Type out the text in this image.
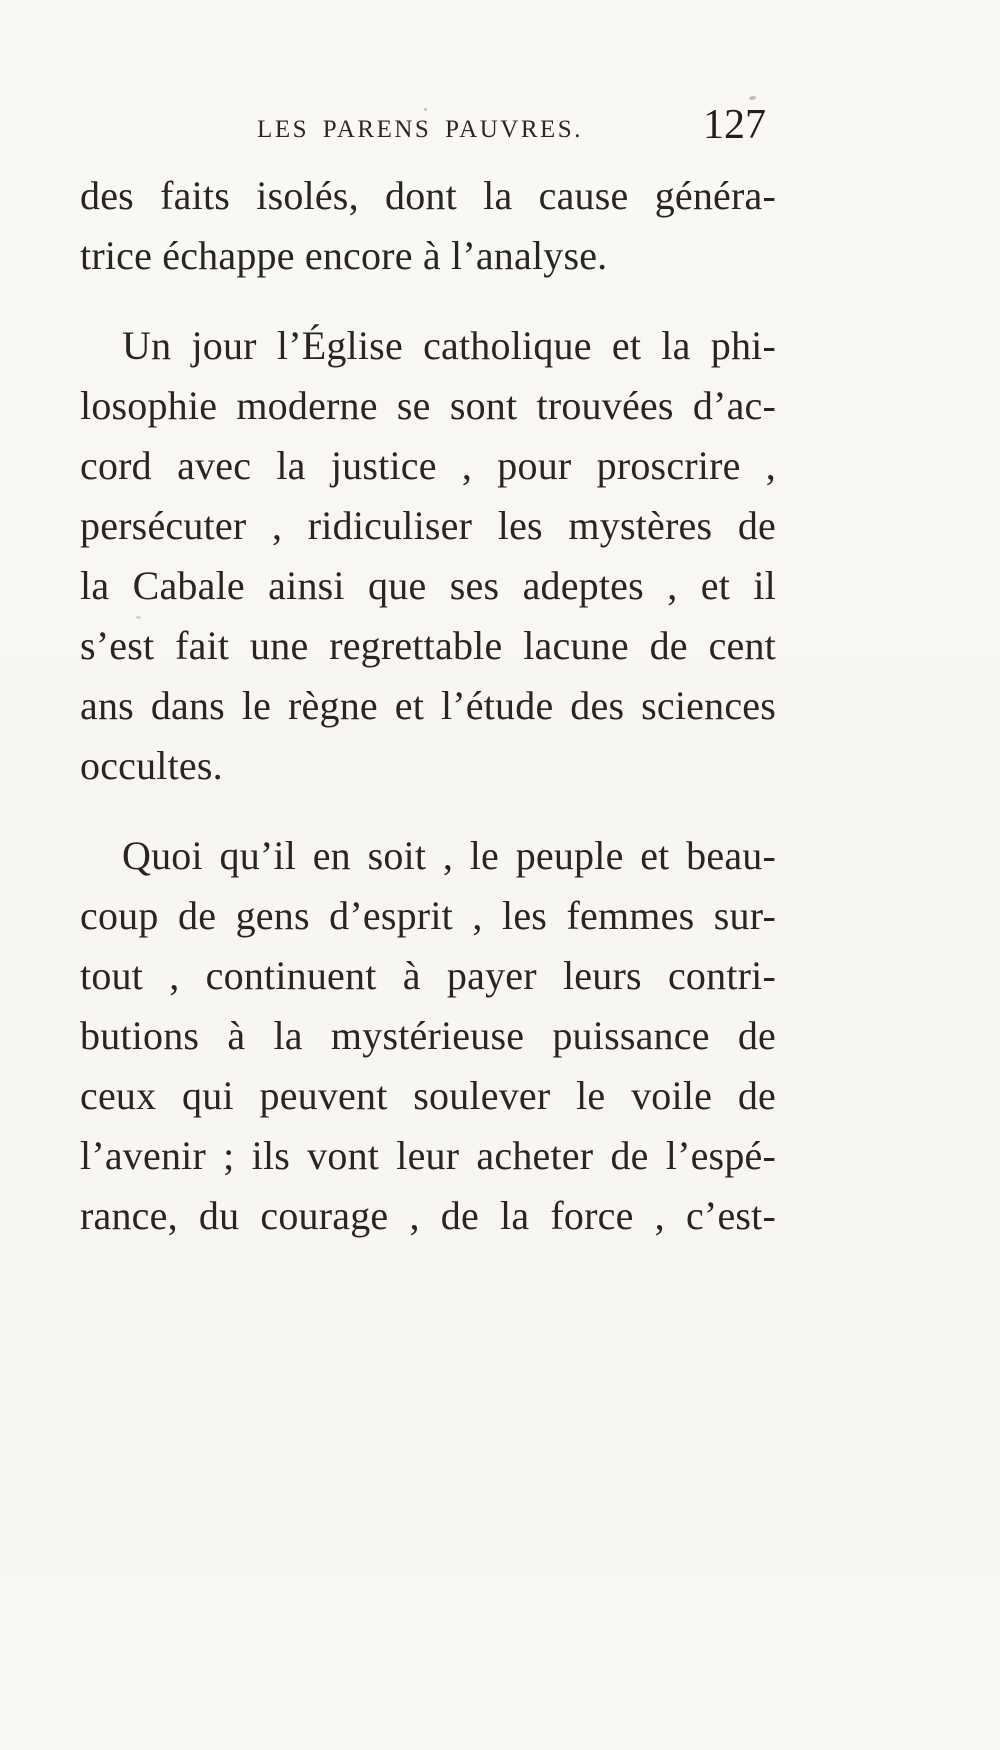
LES PARENS PAUVRES.	127

des faits isolés, dont la cause généra-
trice échappe encore à l’analyse.

Un jour l’Église catholique et la phi-
losophie moderne se sont trouvées d’ac-
cord avec la justice , pour proscrire ,
persécuter , ridiculiser les mystères de
la Cabale ainsi que ses adeptes , et il
s’est fait une regrettable lacune de cent
ans dans le règne et l’étude des sciences
occultes.

Quoi qu’il en soit , le peuple et beau-
coup de gens d’esprit , les femmes sur-
tout , continuent à payer leurs contri-
butions à la mystérieuse puissance de
ceux qui peuvent soulever le voile de
l’avenir ; ils vont leur acheter de l’espé-
rance, du courage , de la force , c’est-
